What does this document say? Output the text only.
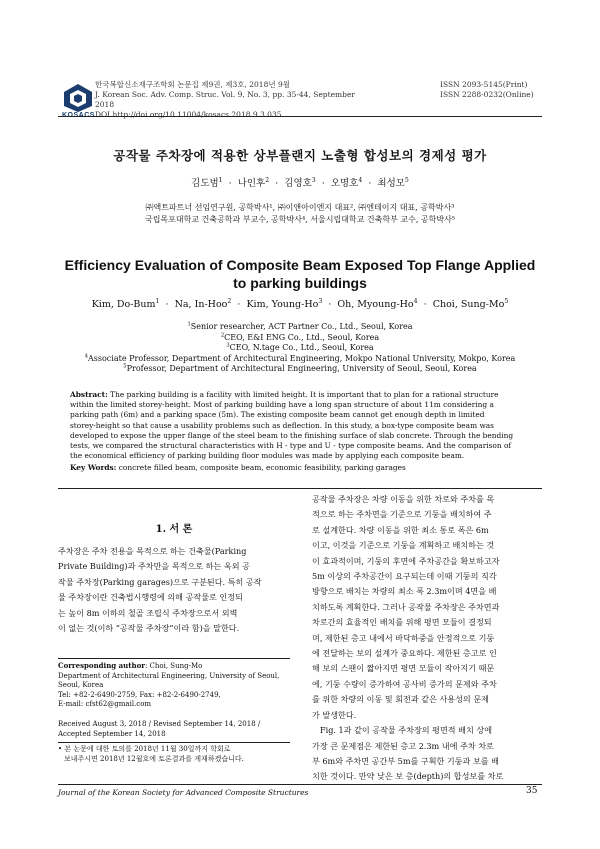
KOSACS
한국복합신소재구조학회 논문집 제9권, 제3호, 2018년 9월
J. Korean Soc. Adv. Comp. Struc. Vol. 9, No. 3, pp. 35-44, September 2018
DOI http://doi.org/10.11004/kosacs.2018.9.3.035
ISSN 2093-5145(Print)
ISSN 2288-0232(Online)
공작물 주차장에 적용한 상부플랜지 노출형 합성보의 경제성 평가
김도범$^1$  ·  나인후$^2$  ·  김영호$^3$  ·  오명호$^4$  ·  최성모$^5$
㈜액트파트너 선임연구원, 공학박사¹, ㈜이앤아이엔지 대표², ㈜엔테이지 대표, 공학박사³
국립목포대학교 건축공학과 부교수, 공학박사⁴, 서울시립대학교 건축학부 교수, 공학박사⁵
Efficiency Evaluation of Composite Beam Exposed Top Flange Applied
to parking buildings
Kim, Do-Bum$^1$  ·  Na, In-Hoo$^2$  ·  Kim, Young-Ho$^3$  ·  Oh, Myoung-Ho$^4$  ·  Choi, Sung-Mo$^5$
$^1$Senior researcher, ACT Partner Co., Ltd., Seoul, Korea
$^2$CEO, E&I ENG Co., Ltd., Seoul, Korea
$^3$CEO, N.tage Co., Ltd., Seoul, Korea
$^4$Associate Professor, Department of Architectural Engineering, Mokpo National University, Mokpo, Korea
$^5$Professor, Department of Architectural Engineering, University of Seoul, Seoul, Korea
Abstract: The parking building is a facility with limited height. It is important that to plan for a rational structure
within the limited storey-height. Most of parking building have a long span structure of about 11m considering a
parking path (6m) and a parking space (5m). The existing composite beam cannot get enough depth in limited
storey-height so that cause a usability problems such as deflection. In this study, a box-type composite beam was
developed to expose the upper flange of the steel beam to the finishing surface of slab concrete. Through the bending
tests, we compared the structural characteristics with H - type and U - type composite beams. And the comparison of
the economical efficiency of parking building floor modules was made by applying each composite beam.
Key Words: concrete filled beam, composite beam, economic feasibility, parking garages
1. 서 론
주차장은 주차 전용을 목적으로 하는 건축물(Parking
Private Building)과 주차만을 목적으로 하는 옥외 공
작물 주차장(Parking garages)으로 구분된다. 특히 공작
물 주차장이란 건축법시행령에 의해 공작물로 인정되
는 높이 8m 이하의 철골 조립식 주차장으로서 외벽
이 없는 것(이하 “공작물 주차장”이라 함)을 말한다.
Corresponding author: Choi, Sung-Mo
Department of Architectural Engineering, University of Seoul,
Seoul, Korea
Tel: +82-2-6490-2759, Fax: +82-2-6490-2749,
E-mail: cfst62@gmail.com
Received August 3, 2018 / Revised September 14, 2018 /
Accepted September 14, 2018
• 본 논문에 대한 토의를 2018년 11월 30일까지 학회로
보내주시면 2018년 12월호에 토론결과를 게재하겠습니다.
공작물 주차장은 차량 이동을 위한 차로와 주차를 목
적으로 하는 주차면을 기준으로 기둥을 배치하여 주
로 설계한다. 차량 이동을 위한 최소 통로 폭은 6m
이고, 이것을 기준으로 기둥을 계획하고 배치하는 것
이 효과적이며, 기둥의 후면에 주차공간을 확보하고자
5m 이상의 주차공간이 요구되는데 이때 기둥의 직각
방향으로 배치는 차량의 최소 폭 2.3m이며 4면을 배
치하도록 계획한다. 그러나 공작물 주차장은 주차면과
차로간의 효율적인 배치를 위해 평면 모듈이 결정되
며, 제한된 층고 내에서 바닥하중을 안정적으로 기둥
에 전달하는 보의 설계가 중요하다. 제한된 층고로 인
해 보의 스팬이 짧아지면 평면 모듈이 작아지기 때문
에, 기둥 수량이 증가하여 공사비 증가의 문제와 주차
를 위한 차량의 이동 및 회전과 같은 사용성의 문제
가 발생한다.
Fig. 1과 같이 공작물 주차장의 평면적 배치 상에
가장 큰 문제점은 제한된 층고 2.3m 내에 주차 차로
부 6m와 주차면 공간부 5m를 구획한 기둥과 보를 배
치한 것이다. 만약 낮은 보 층(depth)의 합성보를 차로
Journal of the Korean Society for Advanced Composite Structures	35
